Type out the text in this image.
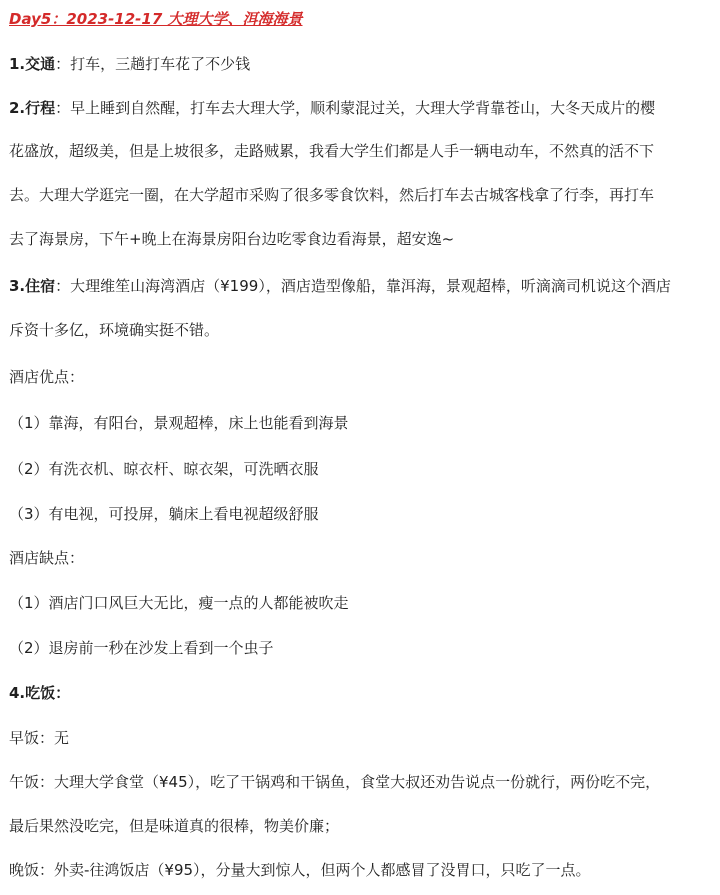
Day5：2023-12-17 大理大学、洱海海景
1.交通：打车，三趟打车花了不少钱
2.行程：早上睡到自然醒，打车去大理大学，顺利蒙混过关，大理大学背靠苍山，大冬天成片的樱
花盛放，超级美，但是上坡很多，走路贼累，我看大学生们都是人手一辆电动车，不然真的活不下
去。大理大学逛完一圈，在大学超市采购了很多零食饮料，然后打车去古城客栈拿了行李，再打车
去了海景房，下午+晚上在海景房阳台边吃零食边看海景，超安逸~
3.住宿：大理维笙山海湾酒店（¥199），酒店造型像船，靠洱海，景观超棒，听滴滴司机说这个酒店
斥资十多亿，环境确实挺不错。
酒店优点：
（1）靠海，有阳台，景观超棒，床上也能看到海景
（2）有洗衣机、晾衣杆、晾衣架，可洗晒衣服
（3）有电视，可投屏，躺床上看电视超级舒服
酒店缺点：
（1）酒店门口风巨大无比，瘦一点的人都能被吹走
（2）退房前一秒在沙发上看到一个虫子
4.吃饭：
早饭：无
午饭：大理大学食堂（¥45），吃了干锅鸡和干锅鱼，食堂大叔还劝告说点一份就行，两份吃不完，
最后果然没吃完，但是味道真的很棒，物美价廉；
晚饭：外卖-往鸿饭店（¥95），分量大到惊人，但两个人都感冒了没胃口，只吃了一点。
